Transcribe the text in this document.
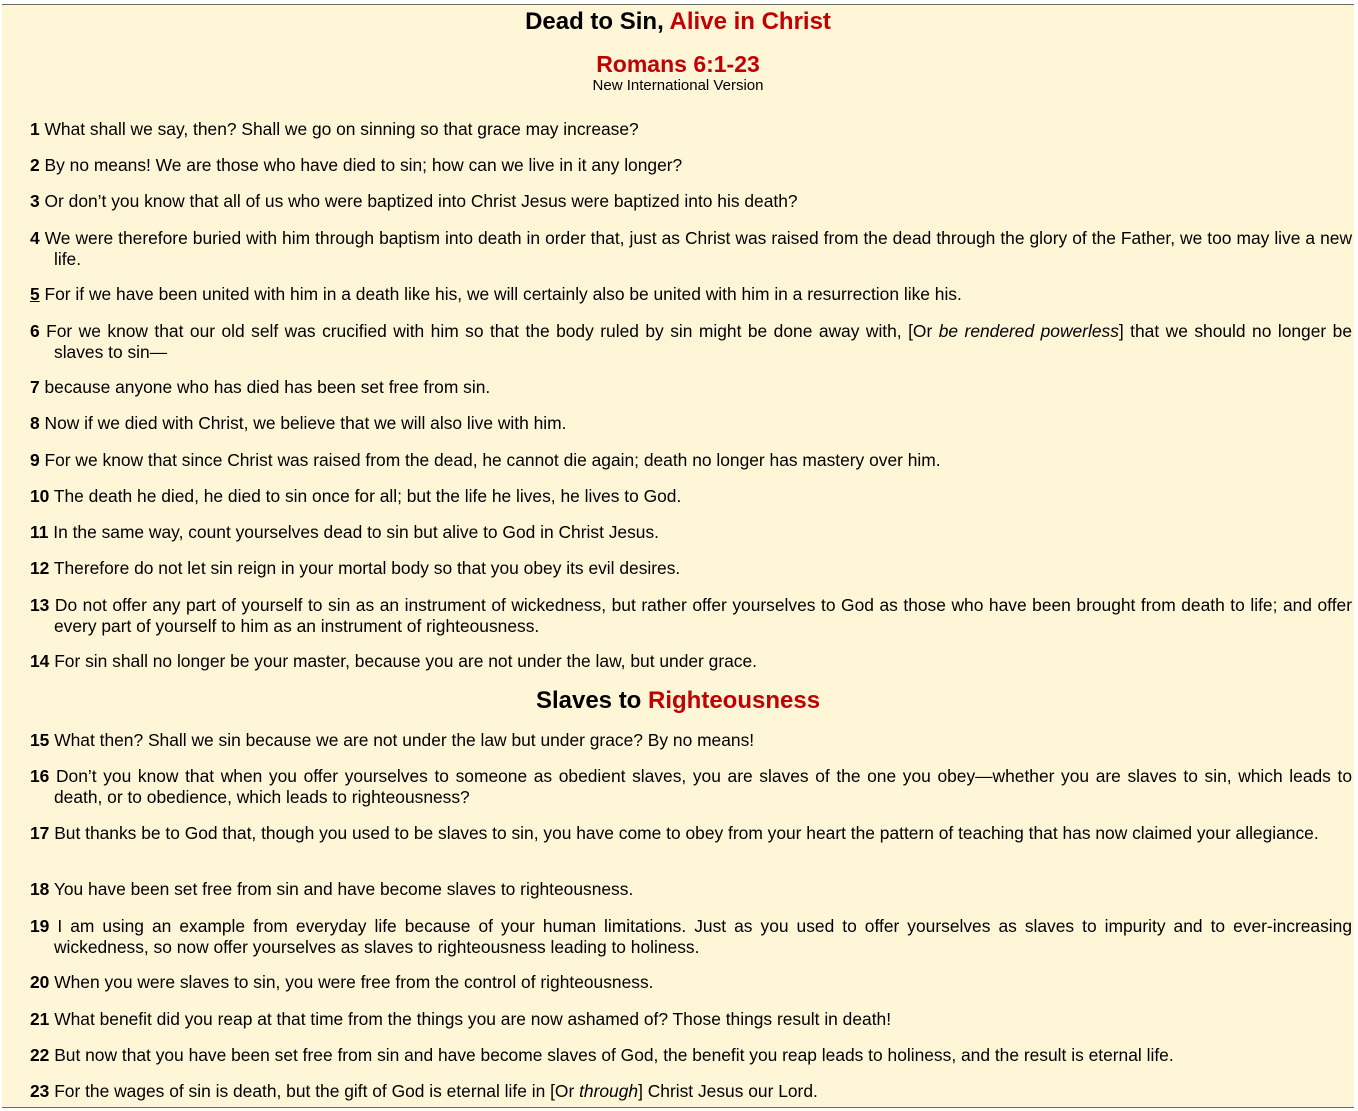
Dead to Sin, Alive in Christ
Romans 6:1-23
New International Version
1 What shall we say, then? Shall we go on sinning so that grace may increase?
2 By no means! We are those who have died to sin; how can we live in it any longer?
3 Or don’t you know that all of us who were baptized into Christ Jesus were baptized into his death?
4 We were therefore buried with him through baptism into death in order that, just as Christ was raised from the dead through the glory of the Father, we too may live a new life.
5 For if we have been united with him in a death like his, we will certainly also be united with him in a resurrection like his.
6 For we know that our old self was crucified with him so that the body ruled by sin might be done away with, [Or be rendered powerless] that we should no longer be slaves to sin—
7 because anyone who has died has been set free from sin.
8 Now if we died with Christ, we believe that we will also live with him.
9 For we know that since Christ was raised from the dead, he cannot die again; death no longer has mastery over him.
10 The death he died, he died to sin once for all; but the life he lives, he lives to God.
11 In the same way, count yourselves dead to sin but alive to God in Christ Jesus.
12 Therefore do not let sin reign in your mortal body so that you obey its evil desires.
13 Do not offer any part of yourself to sin as an instrument of wickedness, but rather offer yourselves to God as those who have been brought from death to life; and offer every part of yourself to him as an instrument of righteousness.
14 For sin shall no longer be your master, because you are not under the law, but under grace.
15 What then? Shall we sin because we are not under the law but under grace? By no means!
16 Don’t you know that when you offer yourselves to someone as obedient slaves, you are slaves of the one you obey—whether you are slaves to sin, which leads to death, or to obedience, which leads to righteousness?
17 But thanks be to God that, though you used to be slaves to sin, you have come to obey from your heart the pattern of teaching that has now claimed your allegiance.
18 You have been set free from sin and have become slaves to righteousness.
19 I am using an example from everyday life because of your human limitations. Just as you used to offer yourselves as slaves to impurity and to ever-increasing wickedness, so now offer yourselves as slaves to righteousness leading to holiness.
20 When you were slaves to sin, you were free from the control of righteousness.
21 What benefit did you reap at that time from the things you are now ashamed of? Those things result in death!
22 But now that you have been set free from sin and have become slaves of God, the benefit you reap leads to holiness, and the result is eternal life.
23 For the wages of sin is death, but the gift of God is eternal life in [Or through] Christ Jesus our Lord.
Slaves to Righteousness
